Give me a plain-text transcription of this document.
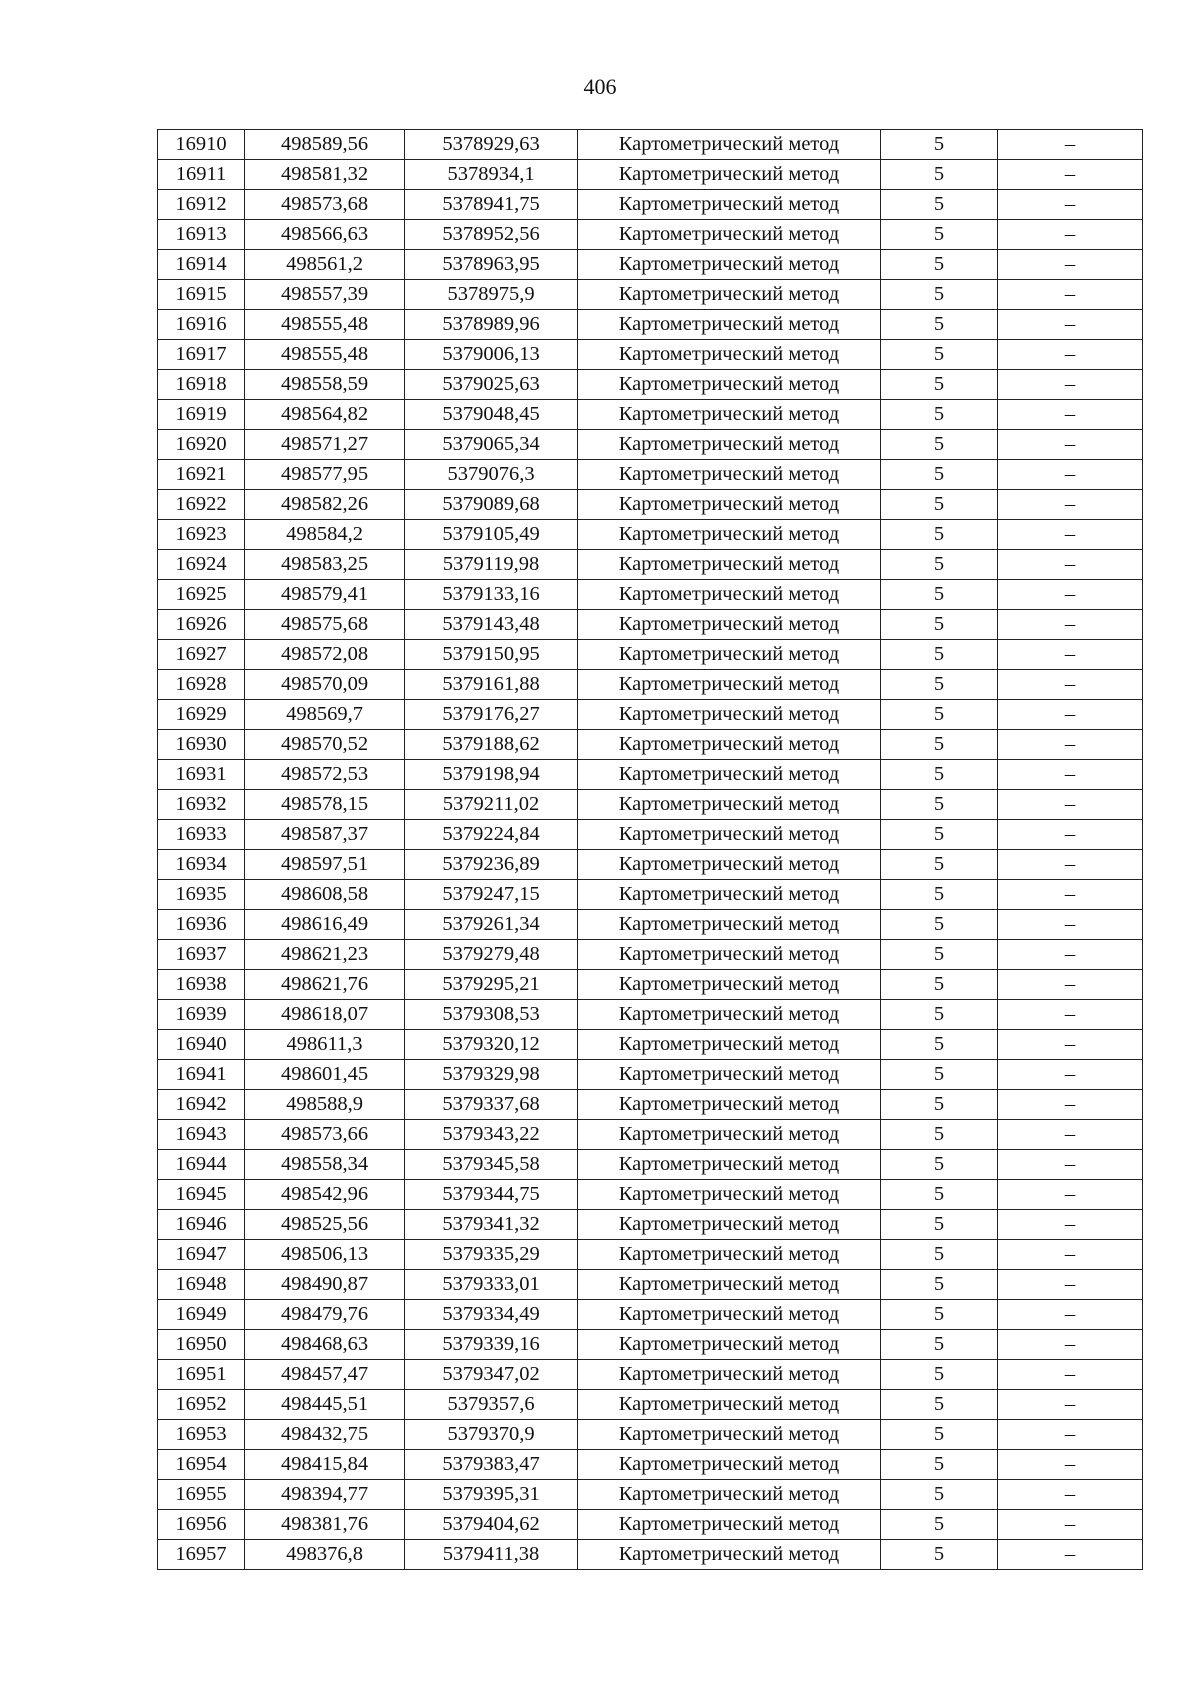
406
16910	498589,56	5378929,63	Картометрический метод	5	–
16911	498581,32	5378934,1	Картометрический метод	5	–
16912	498573,68	5378941,75	Картометрический метод	5	–
16913	498566,63	5378952,56	Картометрический метод	5	–
16914	498561,2	5378963,95	Картометрический метод	5	–
16915	498557,39	5378975,9	Картометрический метод	5	–
16916	498555,48	5378989,96	Картометрический метод	5	–
16917	498555,48	5379006,13	Картометрический метод	5	–
16918	498558,59	5379025,63	Картометрический метод	5	–
16919	498564,82	5379048,45	Картометрический метод	5	–
16920	498571,27	5379065,34	Картометрический метод	5	–
16921	498577,95	5379076,3	Картометрический метод	5	–
16922	498582,26	5379089,68	Картометрический метод	5	–
16923	498584,2	5379105,49	Картометрический метод	5	–
16924	498583,25	5379119,98	Картометрический метод	5	–
16925	498579,41	5379133,16	Картометрический метод	5	–
16926	498575,68	5379143,48	Картометрический метод	5	–
16927	498572,08	5379150,95	Картометрический метод	5	–
16928	498570,09	5379161,88	Картометрический метод	5	–
16929	498569,7	5379176,27	Картометрический метод	5	–
16930	498570,52	5379188,62	Картометрический метод	5	–
16931	498572,53	5379198,94	Картометрический метод	5	–
16932	498578,15	5379211,02	Картометрический метод	5	–
16933	498587,37	5379224,84	Картометрический метод	5	–
16934	498597,51	5379236,89	Картометрический метод	5	–
16935	498608,58	5379247,15	Картометрический метод	5	–
16936	498616,49	5379261,34	Картометрический метод	5	–
16937	498621,23	5379279,48	Картометрический метод	5	–
16938	498621,76	5379295,21	Картометрический метод	5	–
16939	498618,07	5379308,53	Картометрический метод	5	–
16940	498611,3	5379320,12	Картометрический метод	5	–
16941	498601,45	5379329,98	Картометрический метод	5	–
16942	498588,9	5379337,68	Картометрический метод	5	–
16943	498573,66	5379343,22	Картометрический метод	5	–
16944	498558,34	5379345,58	Картометрический метод	5	–
16945	498542,96	5379344,75	Картометрический метод	5	–
16946	498525,56	5379341,32	Картометрический метод	5	–
16947	498506,13	5379335,29	Картометрический метод	5	–
16948	498490,87	5379333,01	Картометрический метод	5	–
16949	498479,76	5379334,49	Картометрический метод	5	–
16950	498468,63	5379339,16	Картометрический метод	5	–
16951	498457,47	5379347,02	Картометрический метод	5	–
16952	498445,51	5379357,6	Картометрический метод	5	–
16953	498432,75	5379370,9	Картометрический метод	5	–
16954	498415,84	5379383,47	Картометрический метод	5	–
16955	498394,77	5379395,31	Картометрический метод	5	–
16956	498381,76	5379404,62	Картометрический метод	5	–
16957	498376,8	5379411,38	Картометрический метод	5	–
